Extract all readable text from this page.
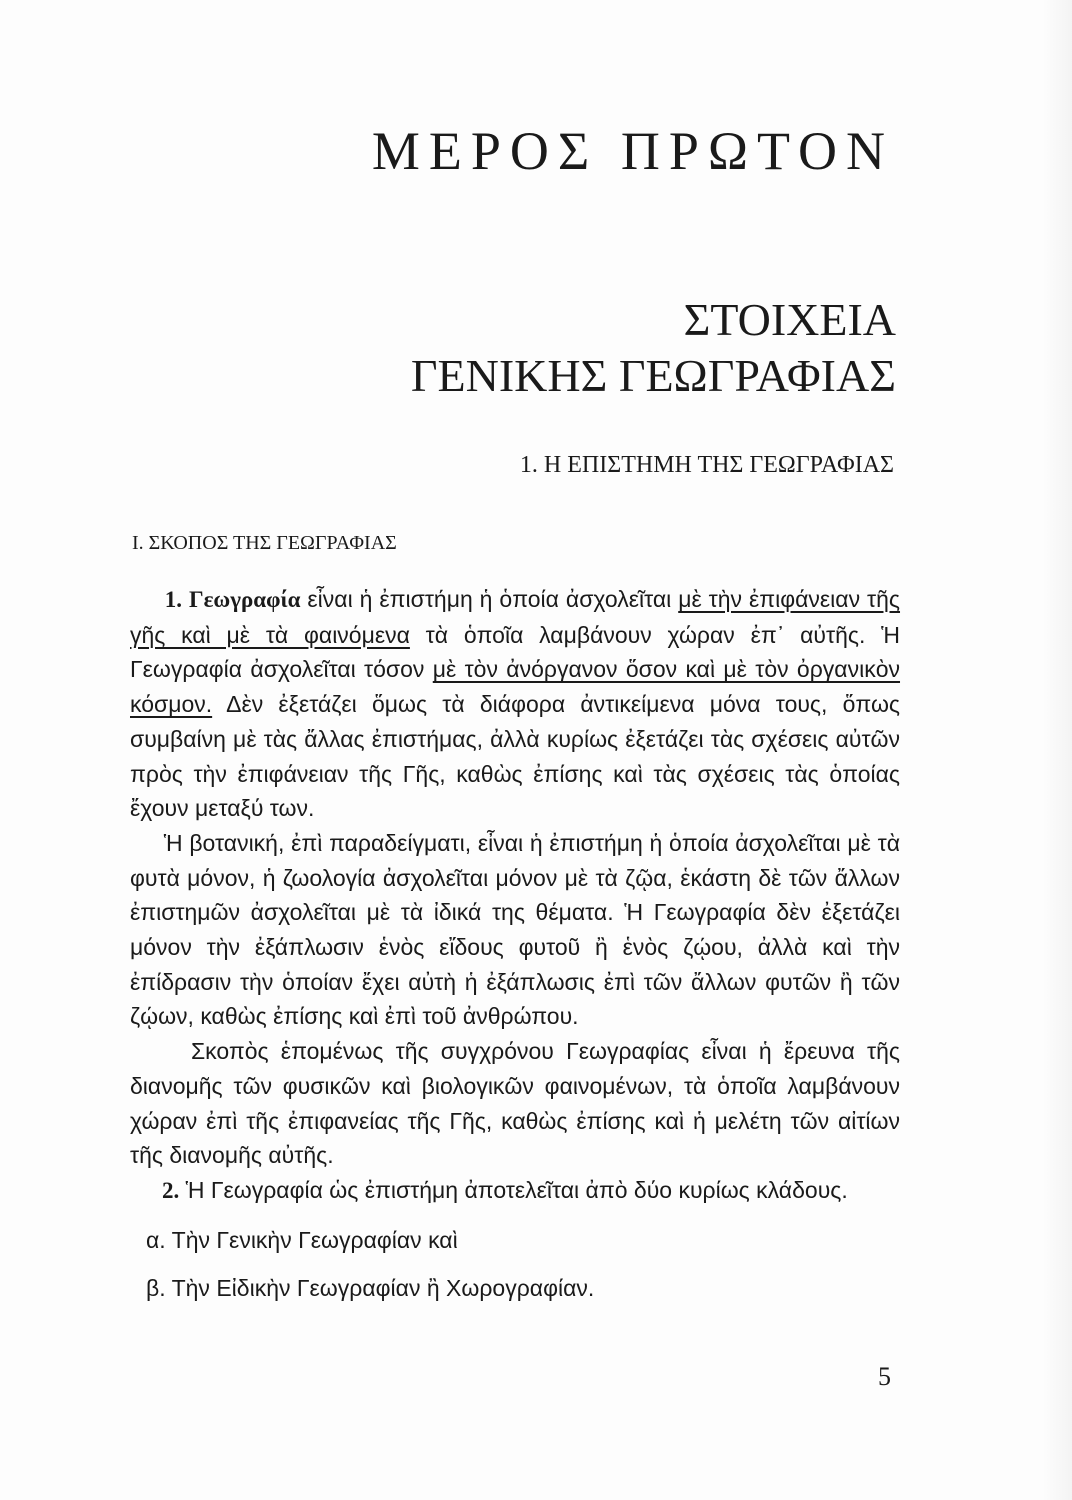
ΜΕΡΟΣ ΠΡΩΤΟΝ
ΣΤΟΙΧΕΙΑ
ΓΕΝΙΚΗΣ ΓΕΩΓΡΑΦΙΑΣ
1. Η ΕΠΙΣΤΗΜΗ ΤΗΣ ΓΕΩΓΡΑΦΙΑΣ
Ι. ΣΚΟΠΟΣ ΤΗΣ ΓΕΩΓΡΑΦΙΑΣ

1. Γεωγραφία εἶναι ἡ ἐπιστήμη ἡ ὁποία ἀσχολεῖται μὲ τὴν ἐπιφάνειαν τῆς γῆς καὶ μὲ τὰ φαινόμενα τὰ ὁποῖα λαμβάνουν χώραν ἐπ᾽ αὐτῆς. Ἡ Γεωγραφία ἀσχολεῖται τόσον μὲ τὸν ἀνόργανον ὅσον καὶ μὲ τὸν ὀργανικὸν κόσμον. Δὲν ἐξετάζει ὅμως τὰ διάφορα ἀντικείμενα μόνα τους, ὅπως συμβαίνη μὲ τὰς ἄλλας ἐπιστήμας, ἀλλὰ κυρίως ἐξετάζει τὰς σχέσεις αὐτῶν πρὸς τὴν ἐπιφάνειαν τῆς Γῆς, καθὼς ἐπίσης καὶ τὰς σχέσεις τὰς ὁποίας ἔχουν μεταξύ των.

Ἡ βοτανική, ἐπὶ παραδείγματι, εἶναι ἡ ἐπιστήμη ἡ ὁποία ἀσχολεῖται μὲ τὰ φυτὰ μόνον, ἡ ζωολογία ἀσχολεῖται μόνον μὲ τὰ ζῷα, ἑκάστη δὲ τῶν ἄλλων ἐπιστημῶν ἀσχολεῖται μὲ τὰ ἰδικά της θέματα. Ἡ Γεωγραφία δὲν ἐξετάζει μόνον τὴν ἐξάπλωσιν ἑνὸς εἴδους φυτοῦ ἢ ἑνὸς ζῴου, ἀλλὰ καὶ τὴν ἐπίδρασιν τὴν ὁποίαν ἔχει αὐτὴ ἡ ἐξάπλωσις ἐπὶ τῶν ἄλλων φυτῶν ἢ τῶν ζῴων, καθὼς ἐπίσης καὶ ἐπὶ τοῦ ἀνθρώπου.

Σκοπὸς ἑπομένως τῆς συγχρόνου Γεωγραφίας εἶναι ἡ ἔρευνα τῆς διανομῆς τῶν φυσικῶν καὶ βιολογικῶν φαινομένων, τὰ ὁποῖα λαμβάνουν χώραν ἐπὶ τῆς ἐπιφανείας τῆς Γῆς, καθὼς ἐπίσης καὶ ἡ μελέτη τῶν αἰτίων τῆς διανομῆς αὐτῆς.

2. Ἡ Γεωγραφία ὡς ἐπιστήμη ἀποτελεῖται ἀπὸ δύο κυρίως κλάδους.

α. Τὴν Γενικὴν Γεωγραφίαν καὶ
β. Τὴν Εἰδικὴν Γεωγραφίαν ἢ Χωρογραφίαν.

5
